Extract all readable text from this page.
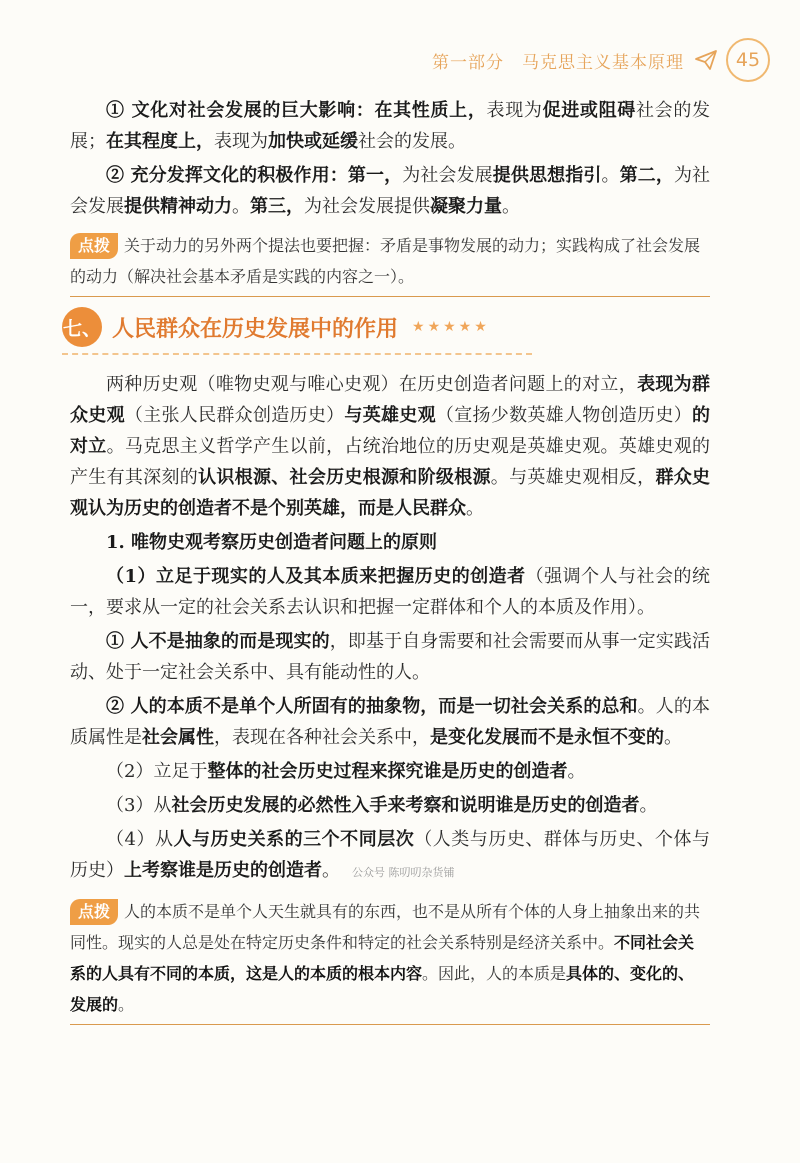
第一部分　马克思主义基本原理	45

① 文化对社会发展的巨大影响：在其性质上，表现为促进或阻碍社会的发展；在其程度上，表现为加快或延缓社会的发展。

② 充分发挥文化的积极作用：第一，为社会发展提供思想指引。第二，为社会发展提供精神动力。第三，为社会发展提供凝聚力量。

点拨 关于动力的另外两个提法也要把握：矛盾是事物发展的动力；实践构成了社会发展的动力（解决社会基本矛盾是实践的内容之一）。
七、 人民群众在历史发展中的作用 ★★★★★

两种历史观（唯物史观与唯心史观）在历史创造者问题上的对立，表现为群众史观（主张人民群众创造历史）与英雄史观（宣扬少数英雄人物创造历史）的对立。马克思主义哲学产生以前，占统治地位的历史观是英雄史观。英雄史观的产生有其深刻的认识根源、社会历史根源和阶级根源。与英雄史观相反，群众史观认为历史的创造者不是个别英雄，而是人民群众。

1. 唯物史观考察历史创造者问题上的原则

（1）立足于现实的人及其本质来把握历史的创造者（强调个人与社会的统一，要求从一定的社会关系去认识和把握一定群体和个人的本质及作用）。

① 人不是抽象的而是现实的，即基于自身需要和社会需要而从事一定实践活动、处于一定社会关系中、具有能动性的人。

② 人的本质不是单个人所固有的抽象物，而是一切社会关系的总和。人的本质属性是社会属性，表现在各种社会关系中，是变化发展而不是永恒不变的。

（2）立足于整体的社会历史过程来探究谁是历史的创造者。

（3）从社会历史发展的必然性入手来考察和说明谁是历史的创造者。

（4）从人与历史关系的三个不同层次（人类与历史、群体与历史、个体与历史）上考察谁是历史的创造者。 公众号 陈叨叨杂货铺

点拨 人的本质不是单个人天生就具有的东西，也不是从所有个体的人身上抽象出来的共同性。现实的人总是处在特定历史条件和特定的社会关系特别是经济关系中。不同社会关系的人具有不同的本质，这是人的本质的根本内容。因此，人的本质是具体的、变化的、发展的。
